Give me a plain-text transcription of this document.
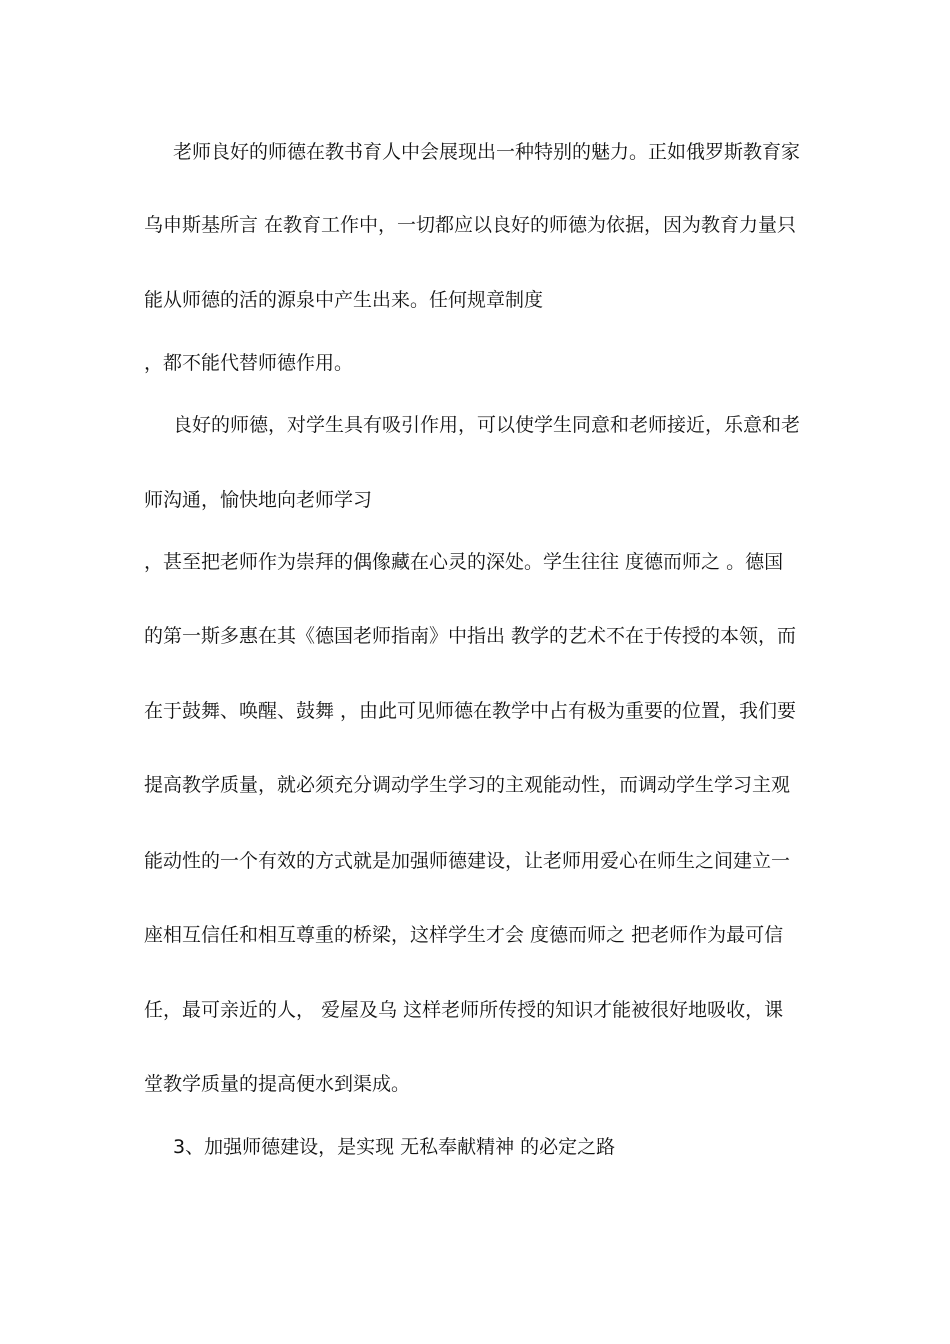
老师良好的师德在教书育人中会展现出一种特别的魅力。正如俄罗斯教育家
乌申斯基所言 在教育工作中，一切都应以良好的师德为依据，因为教育力量只
能从师德的活的源泉中产生出来。任何规章制度
，都不能代替师德作用。
良好的师德，对学生具有吸引作用，可以使学生同意和老师接近，乐意和老
师沟通，愉快地向老师学习
，甚至把老师作为崇拜的偶像藏在心灵的深处。学生往往 度德而师之 。德国
的第一斯多惠在其《德国老师指南》中指出 教学的艺术不在于传授的本领，而
在于鼓舞、唤醒、鼓舞 ，由此可见师德在教学中占有极为重要的位置，我们要
提高教学质量，就必须充分调动学生学习的主观能动性，而调动学生学习主观
能动性的一个有效的方式就是加强师德建设，让老师用爱心在师生之间建立一
座相互信任和相互尊重的桥梁，这样学生才会 度德而师之 把老师作为最可信
任，最可亲近的人， 爱屋及乌 这样老师所传授的知识才能被很好地吸收，课
堂教学质量的提高便水到渠成。
3、加强师德建设，是实现 无私奉献精神 的必定之路
